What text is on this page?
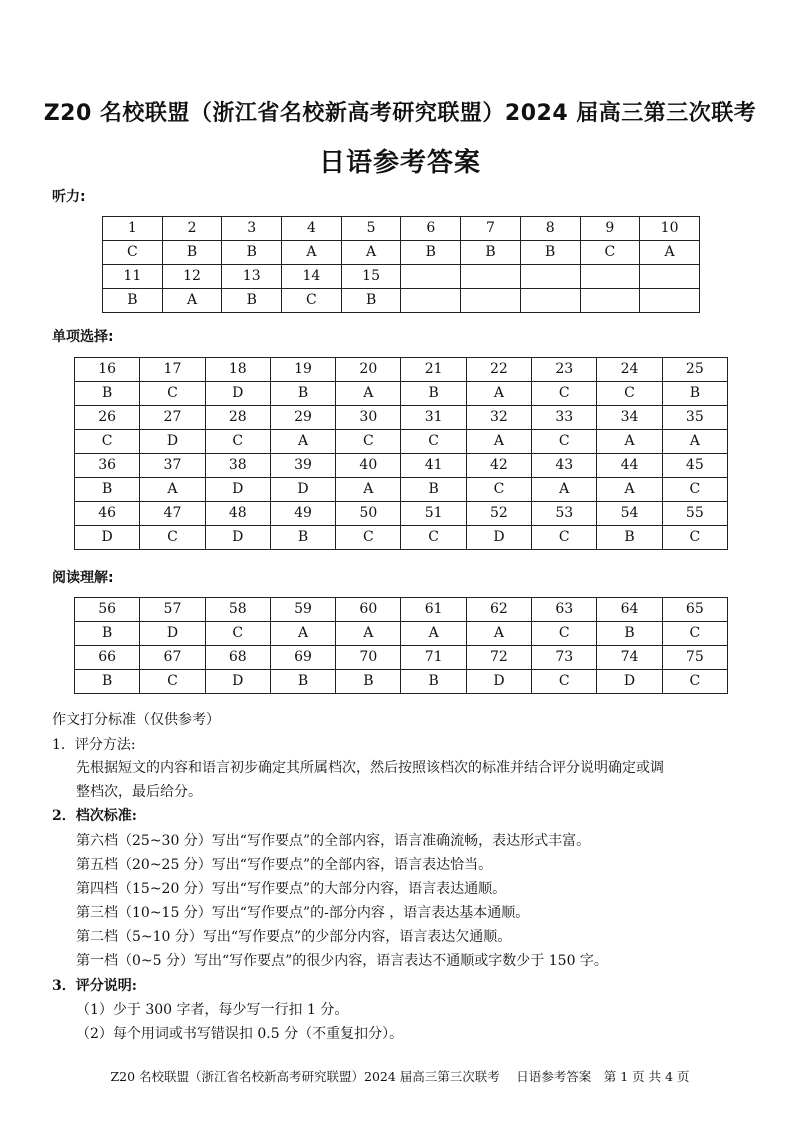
Z20 名校联盟（浙江省名校新高考研究联盟）2024 届高三第三次联考
日语参考答案
听力:
1	2	3	4	5	6	7	8	9	10
C	B	B	A	A	B	B	B	C	A
11	12	13	14	15					
B	A	B	C	B					
单项选择:
16	17	18	19	20	21	22	23	24	25
B	C	D	B	A	B	A	C	C	B
26	27	28	29	30	31	32	33	34	35
C	D	C	A	C	C	A	C	A	A
36	37	38	39	40	41	42	43	44	45
B	A	D	D	A	B	C	A	A	C
46	47	48	49	50	51	52	53	54	55
D	C	D	B	C	C	D	C	B	C
阅读理解:
56	57	58	59	60	61	62	63	64	65
B	D	C	A	A	A	A	C	B	C
66	67	68	69	70	71	72	73	74	75
B	C	D	B	B	B	D	C	D	C
作文打分标准（仅供参考）
1．评分方法:
先根据短文的内容和语言初步确定其所属档次，然后按照该档次的标准并结合评分说明确定或调
整档次，最后给分。
2．档次标准:
第六档（25~30 分）写出“写作要点”的全部内容，语言准确流畅，表达形式丰富。
第五档（20~25 分）写出“写作要点”的全部内容，语言表达恰当。
第四档（15~20 分）写出“写作要点”的大部分内容，语言表达通顺。
第三档（10~15 分）写出“写作要点”的-部分内容 ，语言表达基本通顺。
第二档（5~10 分）写出“写作要点”的少部分内容，语言表达欠通顺。
第一档（0~5 分）写出“写作要点”的很少内容，语言表达不通顺或字数少于 150 字。
3．评分说明:
（1）少于 300 字者，每少写一行扣 1 分。
（2）每个用词或书写错误扣 0.5 分（不重复扣分）。
Z20 名校联盟（浙江省名校新高考研究联盟）2024 届高三第三次联考　 日语参考答案　第 1 页 共 4 页
